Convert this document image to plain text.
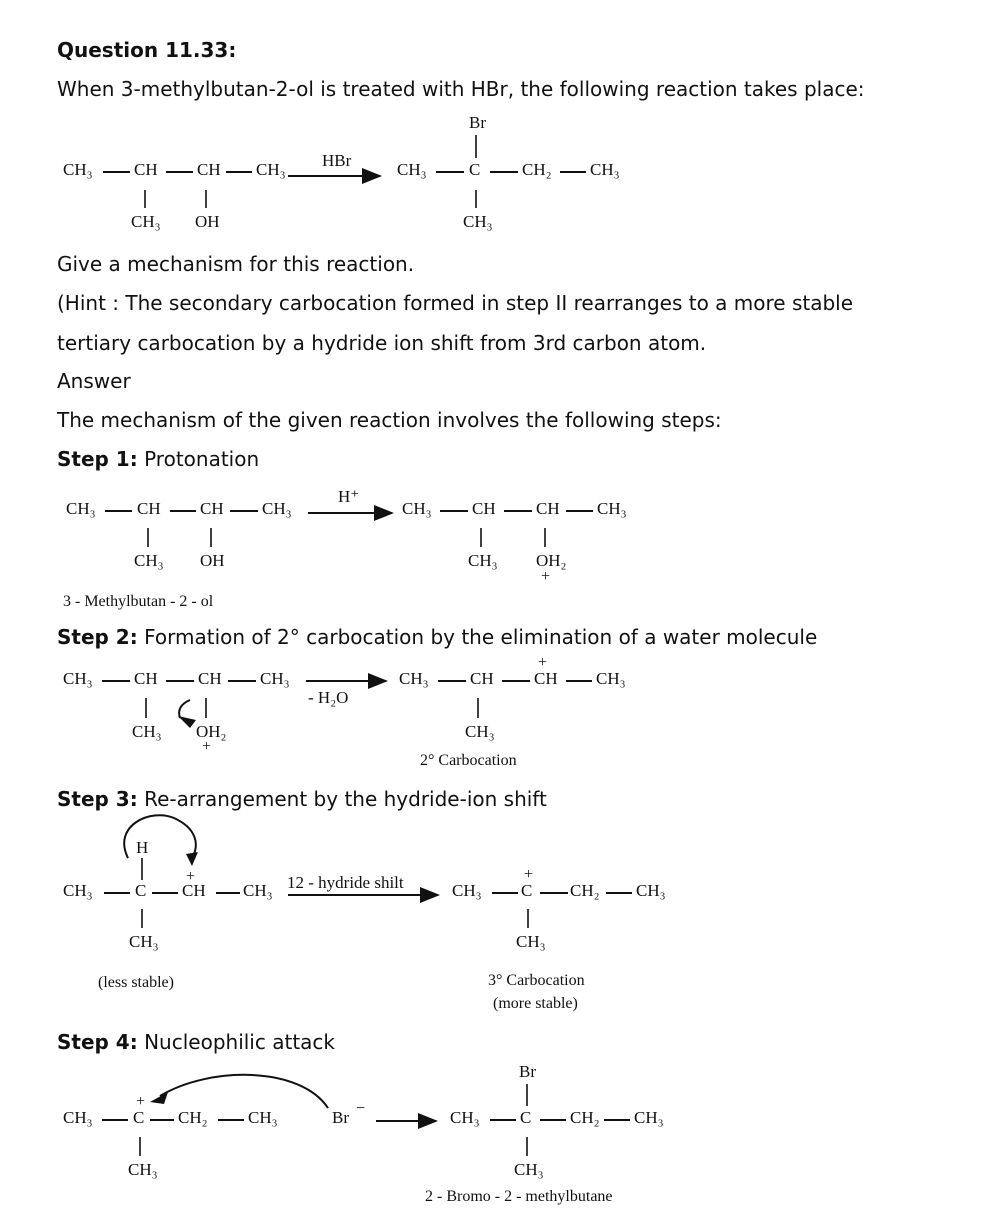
Question 11.33:
When 3-methylbutan-2-ol is treated with HBr, the following reaction takes place:
Give a mechanism for this reaction.
(Hint : The secondary carbocation formed in step II rearranges to a more stable
tertiary carbocation by a hydride ion shift from 3rd carbon atom.
Answer
The mechanism of the given reaction involves the following steps:
Step 1: Protonation
Step 2: Formation of 2° carbocation by the elimination of a water molecule
Step 3: Re-arrangement by the hydride-ion shift
Step 4: Nucleophilic attack
CH₃ CH CH CH₃
CH₃ OH
HBr	CH₃
Br
C CH₂ CH₃
CH₃
CH₃ CH CH CH₃
CH₃ OH
H⁺
CH₃ CH CH CH₃
CH₃ OH₂
+
3 - Methylbutan - 2 - ol
CH₃ CH CH CH₃
CH₃ OH₂
+
- H₂O
CH₃ CH
+
CH CH₃
CH₃
2° Carbocation
H
+
CH₃ C CH CH₃
CH₃
(less stable)
12 - hydride shilt	CH₃
+
C CH₂ CH₃
CH₃
3° Carbocation
(more stable)
+
CH₃ C CH₂ CH₃
CH₃
Br −
Br
CH₃ C CH₂ CH₃
CH₃
2 - Bromo - 2 - methylbutane
